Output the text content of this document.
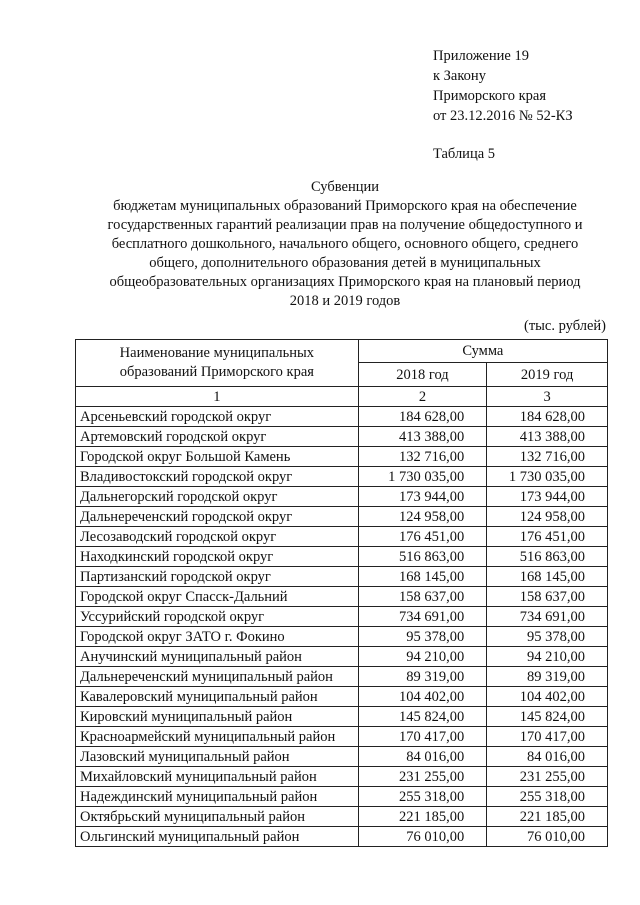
Приложение 19
к Закону
Приморского края
от 23.12.2016 № 52-КЗ
Таблица 5
Субвенции
бюджетам муниципальных образований Приморского края на обеспечение
государственных гарантий реализации прав на получение общедоступного и
бесплатного дошкольного, начального общего, основного общего, среднего
общего, дополнительного образования детей в муниципальных
общеобразовательных организациях Приморского края на плановый период
2018 и 2019 годов
(тыс. рублей)
Наименование муниципальных образований Приморского края	Сумма	
	2018 год	2019 год
1	2	3
Арсеньевский городской округ	184 628,00	184 628,00
Артемовский городской округ	413 388,00	413 388,00
Городской округ Большой Камень	132 716,00	132 716,00
Владивостокский городской округ	1 730 035,00	1 730 035,00
Дальнегорский городской округ	173 944,00	173 944,00
Дальнереченский городской округ	124 958,00	124 958,00
Лесозаводский городской округ	176 451,00	176 451,00
Находкинский городской округ	516 863,00	516 863,00
Партизанский городской округ	168 145,00	168 145,00
Городской округ Спасск-Дальний	158 637,00	158 637,00
Уссурийский городской округ	734 691,00	734 691,00
Городской округ ЗАТО г. Фокино	95 378,00	95 378,00
Анучинский муниципальный район	94 210,00	94 210,00
Дальнереченский муниципальный район	89 319,00	89 319,00
Кавалеровский муниципальный район	104 402,00	104 402,00
Кировский муниципальный район	145 824,00	145 824,00
Красноармейский муниципальный район	170 417,00	170 417,00
Лазовский муниципальный район	84 016,00	84 016,00
Михайловский муниципальный район	231 255,00	231 255,00
Надеждинский муниципальный район	255 318,00	255 318,00
Октябрьский муниципальный район	221 185,00	221 185,00
Ольгинский муниципальный район	76 010,00	76 010,00
